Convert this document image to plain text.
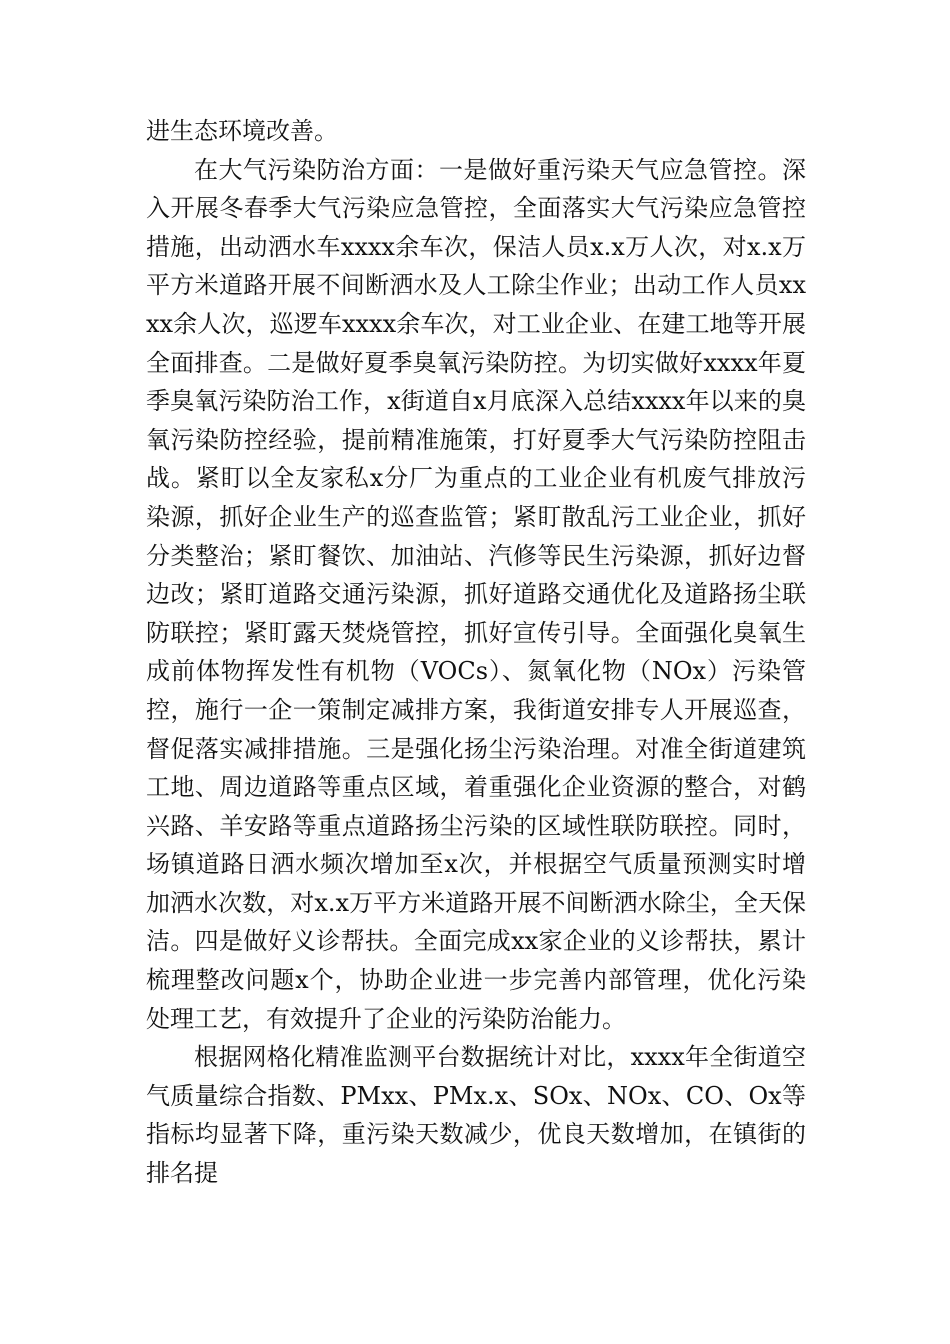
进生态环境改善。

在大气污染防治方面：一是做好重污染天气应急管控。深入开展冬春季大气污染应急管控，全面落实大气污染应急管控措施，出动洒水车xxxx余车次，保洁人员x.x万人次，对x.x万平方米道路开展不间断洒水及人工除尘作业；出动工作人员xxxx余人次，巡逻车xxxx余车次，对工业企业、在建工地等开展全面排查。二是做好夏季臭氧污染防控。为切实做好xxxx年夏季臭氧污染防治工作，x街道自x月底深入总结xxxx年以来的臭氧污染防控经验，提前精准施策，打好夏季大气污染防控阻击战。紧盯以全友家私x分厂为重点的工业企业有机废气排放污染源，抓好企业生产的巡查监管；紧盯散乱污工业企业，抓好分类整治；紧盯餐饮、加油站、汽修等民生污染源，抓好边督边改；紧盯道路交通污染源，抓好道路交通优化及道路扬尘联防联控；紧盯露天焚烧管控，抓好宣传引导。全面强化臭氧生成前体物挥发性有机物（VOCs）、氮氧化物（NOx）污染管控，施行一企一策制定减排方案，我街道安排专人开展巡查，督促落实减排措施。三是强化扬尘污染治理。对准全街道建筑工地、周边道路等重点区域，着重强化企业资源的整合，对鹤兴路、羊安路等重点道路扬尘污染的区域性联防联控。同时，场镇道路日洒水频次增加至x次，并根据空气质量预测实时增加洒水次数，对x.x万平方米道路开展不间断洒水除尘，全天保洁。四是做好义诊帮扶。全面完成xx家企业的义诊帮扶，累计梳理整改问题x个，协助企业进一步完善内部管理，优化污染处理工艺，有效提升了企业的污染防治能力。

根据网格化精准监测平台数据统计对比，xxxx年全街道空气质量综合指数、PMxx、PMx.x、SOx、NOx、CO、Ox等指标均显著下降，重污染天数减少，优良天数增加，在镇街的排名提
